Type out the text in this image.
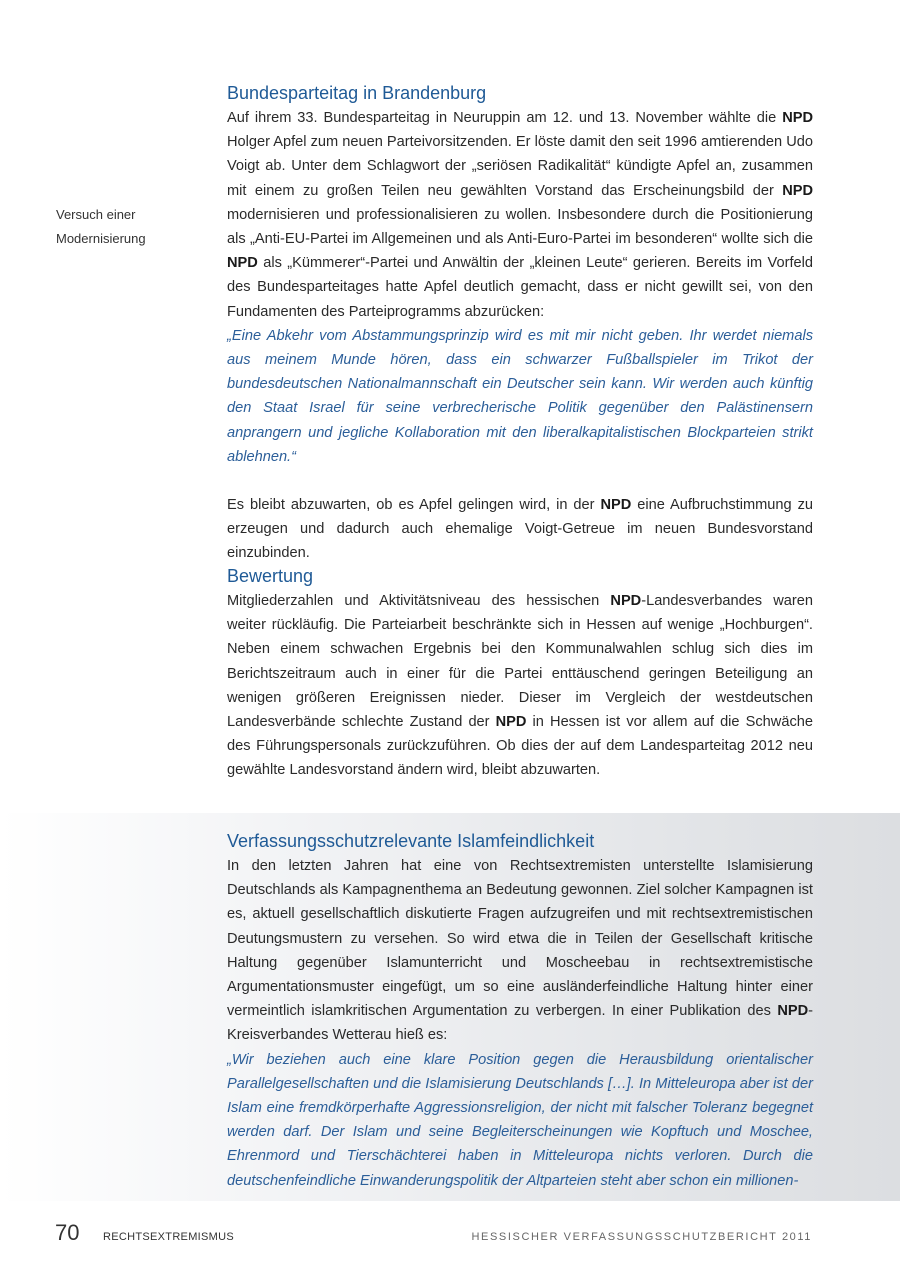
Versuch einer
Modernisierung
Bundesparteitag in Brandenburg

Auf ihrem 33. Bundesparteitag in Neuruppin am 12. und 13. November wählte die NPD Holger Apfel zum neuen Parteivorsitzenden. Er löste damit den seit 1996 amtierenden Udo Voigt ab. Unter dem Schlagwort der „seriösen Radikalität“ kündigte Apfel an, zusammen mit einem zu großen Teilen neu gewählten Vorstand das Erscheinungsbild der NPD modernisieren und professionalisieren zu wollen. Insbesondere durch die Positionierung als „Anti-EU-Partei im Allgemeinen und als Anti-Euro-Partei im besonderen“ wollte sich die NPD als „Kümmerer“-Partei und Anwältin der „kleinen Leute“ gerieren. Bereits im Vorfeld des Bundesparteitages hatte Apfel deutlich gemacht, dass er nicht gewillt sei, von den Fundamenten des Parteiprogramms abzurücken:

„Eine Abkehr vom Abstammungsprinzip wird es mit mir nicht geben. Ihr werdet niemals aus meinem Munde hören, dass ein schwarzer Fußballspieler im Trikot der bundesdeutschen Nationalmannschaft ein Deutscher sein kann. Wir werden auch künftig den Staat Israel für seine verbrecherische Politik gegenüber den Palästinensern anprangern und jegliche Kollaboration mit den liberalkapitalistischen Blockparteien strikt ablehnen.“

Es bleibt abzuwarten, ob es Apfel gelingen wird, in der NPD eine Aufbruchstimmung zu erzeugen und dadurch auch ehemalige Voigt-Getreue im neuen Bundesvorstand einzubinden.

Bewertung

Mitgliederzahlen und Aktivitätsniveau des hessischen NPD-Landesverbandes waren weiter rückläufig. Die Parteiarbeit beschränkte sich in Hessen auf wenige „Hochburgen“. Neben einem schwachen Ergebnis bei den Kommunalwahlen schlug sich dies im Berichtszeitraum auch in einer für die Partei enttäuschend geringen Beteiligung an wenigen größeren Ereignissen nieder. Dieser im Vergleich der westdeutschen Landesverbände schlechte Zustand der NPD in Hessen ist vor allem auf die Schwäche des Führungspersonals zurückzuführen. Ob dies der auf dem Landesparteitag 2012 neu gewählte Landesvorstand ändern wird, bleibt abzuwarten.

Verfassungsschutzrelevante Islamfeindlichkeit

In den letzten Jahren hat eine von Rechtsextremisten unterstellte Islamisierung Deutschlands als Kampagnenthema an Bedeutung gewonnen. Ziel solcher Kampagnen ist es, aktuell gesellschaftlich diskutierte Fragen aufzugreifen und mit rechtsextremistischen Deutungsmustern zu versehen. So wird etwa die in Teilen der Gesellschaft kritische Haltung gegenüber Islamunterricht und Moscheebau in rechtsextremistische Argumentationsmuster eingefügt, um so eine ausländerfeindliche Haltung hinter einer vermeintlich islamkritischen Argumentation zu verbergen. In einer Publikation des NPD-Kreisverbandes Wetterau hieß es:

„Wir beziehen auch eine klare Position gegen die Herausbildung orientalischer Parallelgesellschaften und die Islamisierung Deutschlands […]. In Mitteleuropa aber ist der Islam eine fremdkörperhafte Aggressionsreligion, der nicht mit falscher Toleranz begegnet werden darf. Der Islam und seine Begleiterscheinungen wie Kopftuch und Moschee, Ehrenmord und Tierschächterei haben in Mitteleuropa nichts verloren. Durch die deutschenfeindliche Einwanderungspolitik der Altparteien steht aber schon ein millionen-

70 RECHTSEXTREMISMUS	HESSISCHER VERFASSUNGSSCHUTZBERICHT 2011
